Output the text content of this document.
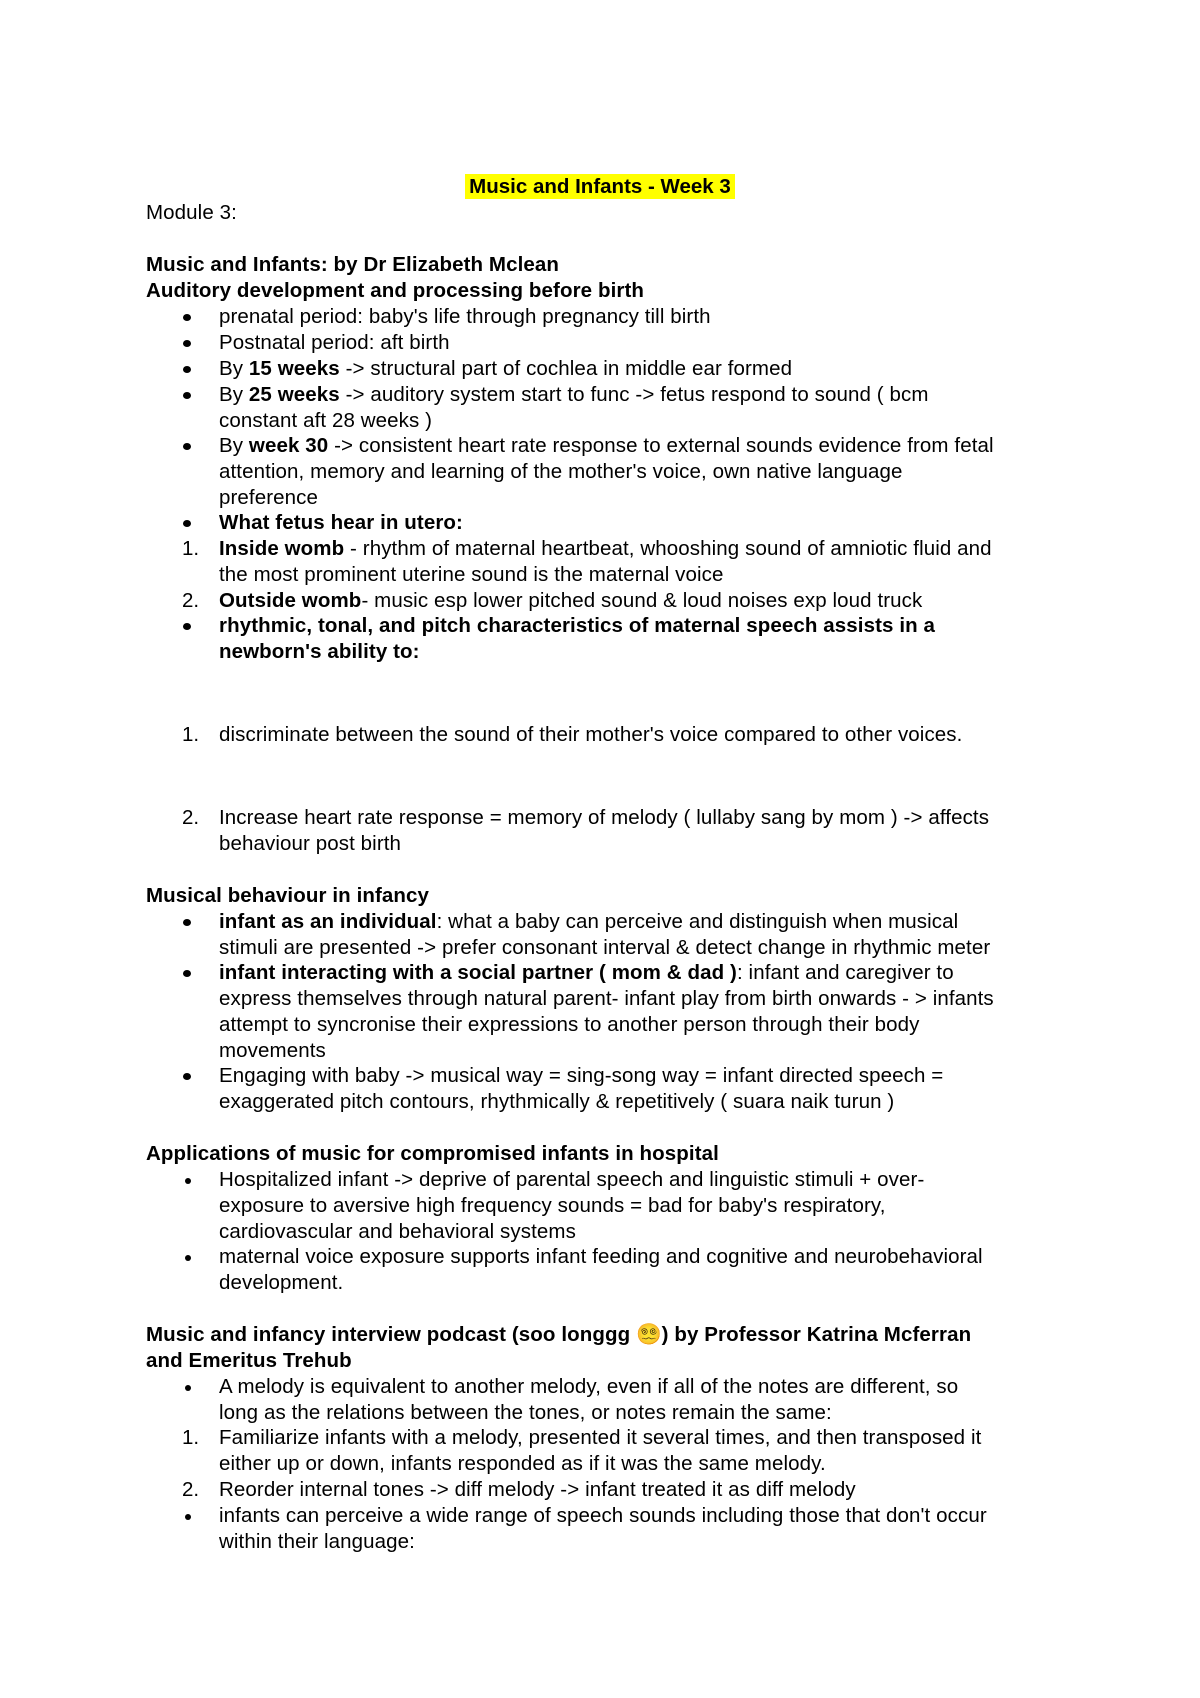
Music and Infants - Week 3
Module 3:
Music and Infants: by Dr Elizabeth Mclean
Auditory development and processing before birth
prenatal period: baby's life through pregnancy till birth
Postnatal period: aft birth
By 15 weeks -> structural part of cochlea in middle ear formed
By 25 weeks -> auditory system start to func -> fetus respond to sound ( bcm
constant aft 28 weeks )
By week 30 -> consistent heart rate response to external sounds evidence from fetal
attention, memory and learning of the mother's voice, own native language
preference
What fetus hear in utero:
1. Inside womb - rhythm of maternal heartbeat, whooshing sound of amniotic fluid and
the most prominent uterine sound is the maternal voice
2. Outside womb- music esp lower pitched sound & loud noises exp loud truck
rhythmic, tonal, and pitch characteristics of maternal speech assists in a
newborn's ability to:
1. discriminate between the sound of their mother's voice compared to other voices.
2. Increase heart rate response = memory of melody ( lullaby sang by mom ) -> affects
behaviour post birth
Musical behaviour in infancy
infant as an individual: what a baby can perceive and distinguish when musical
stimuli are presented -> prefer consonant interval & detect change in rhythmic meter
infant interacting with a social partner ( mom & dad ): infant and caregiver to
express themselves through natural parent- infant play from birth onwards - > infants
attempt to syncronise their expressions to another person through their body
movements
Engaging with baby -> musical way = sing-song way = infant directed speech =
exaggerated pitch contours, rhythmically & repetitively ( suara naik turun )
Applications of music for compromised infants in hospital
Hospitalized infant -> deprive of parental speech and linguistic stimuli + over-
exposure to aversive high frequency sounds = bad for baby's respiratory,
cardiovascular and behavioral systems
maternal voice exposure supports infant feeding and cognitive and neurobehavioral
development.
Music and infancy interview podcast (soo longgg 😵‍💫) by Professor Katrina Mcferran
and Emeritus Trehub
A melody is equivalent to another melody, even if all of the notes are different, so
long as the relations between the tones, or notes remain the same:
1. Familiarize infants with a melody, presented it several times, and then transposed it
either up or down, infants responded as if it was the same melody.
2. Reorder internal tones -> diff melody -> infant treated it as diff melody
infants can perceive a wide range of speech sounds including those that don't occur
within their language:
